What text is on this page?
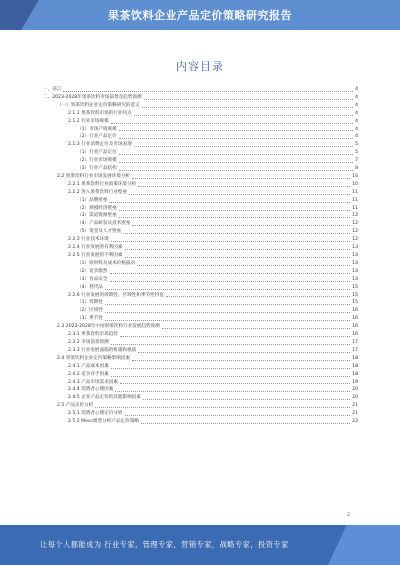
果茶饮料企业产品定价策略研究报告
内容目录
一、前言	4
二、2023-2028年果茶饮料市场前景及趋势预测	4
（一）果茶饮料企业定价策略研究的意义	4
2.1.1 果茶饮料市场的行业特点	4
2.1.2 行业市场规模	4
（1）市场产销规模	4
（2）行业产品定位	4
2.1.3 行业消费定位及市场表现	5
（1）行业产品定位	5
（2）行业市场规模	7
（3）行业产品结构	8
2.2 果茶饮料行业市场发展环境分析	10
2.2.1 果茶饮料行业政策环境分析	10
2.2.2 进入果茶饮料行业壁垒	11
（1）品牌壁垒	11
（2）规模经济壁垒	11
（3）渠道资源壁垒	12
（4）产品研发及技术壁垒	12
（5）资金及人才壁垒	12
2.2.3 行业技术环境	12
2.2.4 行业发展的有利因素	13
2.2.5 行业发展的不利因素	14
（1）原材料及成本价格波动	14
（2）竞争激烈	14
（3）食品安全	14
（4）替代品	15
2.2.6 行业发展的周期性、区域性和季节性特征	15
（1）周期性	15
（2）区域性	16
（3）季节性	16
2.3 2023-2028年中国果茶饮料行业发展趋势预测	16
2.3.1 果茶饮料市场趋势	16
2.3.2 市场前景预测	17
2.3.3 行业发展面临的机遇和挑战	17
2.4 果茶饮料企业定价策略影响因素	18
2.4.1 产品成本因素	18
2.4.2 竞争对手因素	18
2.4.3 产品市场需求因素	19
2.4.4 消费者心理因素	20
2.4.5 企业产品定价的其他影响因素	20
2.5 产品定价分析	21
2.5.1 消费者心理定价分析	21
2.5.2 Mecc模型分析产品定价策略	22
2
让每个人都能成为 行业专家，管理专家，营销专家，战略专家，投资专家
